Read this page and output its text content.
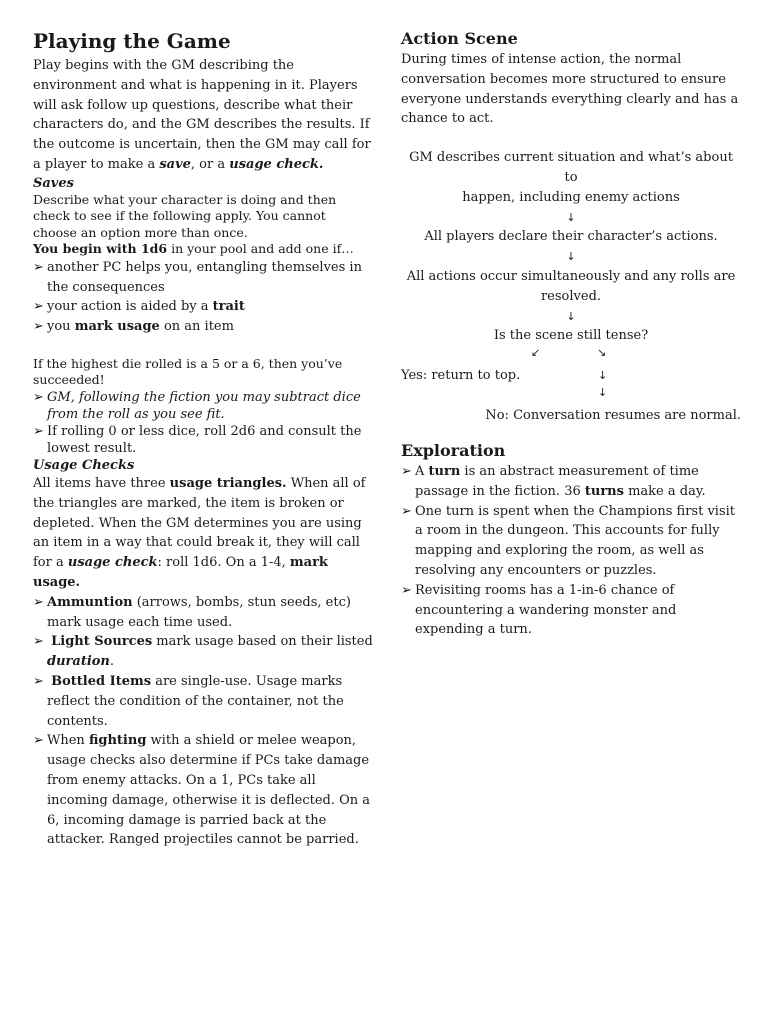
Playing the Game

Play begins with the GM describing the

environment and what is happening in it. Players

will ask follow up questions, describe what their

characters do, and the GM describes the results. If

the outcome is uncertain, then the GM may call for

a player to make a save, or a usage check.

Saves

Describe what your character is doing and then

check to see if the following apply. You cannot

choose an option more than once.

You begin with 1d6 in your pool and add one if…

➢ another PC helps you, entangling themselves in
the consequences
➢ your action is aided by a trait
➢ you mark usage on an item

If the highest die rolled is a 5 or a 6, then you’ve

succeeded!

➢ GM, following the fiction you may subtract dice
from the roll as you see fit.
➢ If rolling 0 or less dice, roll 2d6 and consult the
lowest result.
Usage Checks

All items have three usage triangles. When all of

the triangles are marked, the item is broken or

depleted. When the GM determines you are using

an item in a way that could break it, they will call

for a usage check: roll 1d6. On a 1-4, mark usage.

➢ Ammuntion (arrows, bombs, stun seeds, etc)
mark usage each time used.
➢ Light Sources mark usage based on their listed
duration.
➢ Bottled Items are single-use. Usage marks
reflect the condition of the container, not the
contents.
➢ When fighting with a shield or melee weapon,
usage checks also determine if PCs take damage
from enemy attacks. On a 1, PCs take all
incoming damage, otherwise it is deflected. On a
6, incoming damage is parried back at the
attacker. Ranged projectiles cannot be parried.
Action Scene

During times of intense action, the normal

conversation becomes more structured to ensure

everyone understands everything clearly and has a

chance to act.

GM describes current situation and what’s about to
happen, including enemy actions
↓
All players declare their character’s actions.
↓
All actions occur simultaneously and any rolls are
resolved.
↓
Is the scene still tense?
↙	↘
Yes: return to top.	↓
↓

No: Conversation resumes are normal.

Exploration
➢ A turn is an abstract measurement of time
passage in the fiction. 36 turns make a day.
➢ One turn is spent when the Champions first visit
a room in the dungeon. This accounts for fully
mapping and exploring the room, as well as
resolving any encounters or puzzles.
➢ Revisiting rooms has a 1-in-6 chance of
encountering a wandering monster and
expending a turn.
